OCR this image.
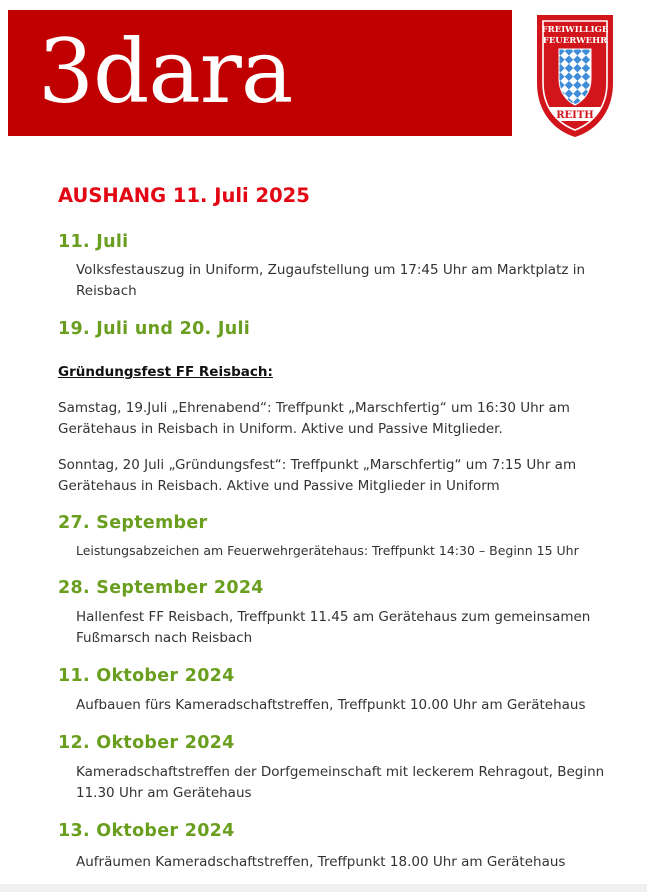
3dara	FREIWILLIGE
FEUERWEHR
REITH
AUSHANG 11. Juli 2025
11. Juli
Volksfestauszug in Uniform, Zugaufstellung um 17:45 Uhr am Marktplatz in Reisbach
19. Juli und 20. Juli
Gründungsfest FF Reisbach:

Samstag, 19.Juli „Ehrenabend“: Treffpunkt „Marschfertig“ um 16:30 Uhr am Gerätehaus in Reisbach in Uniform. Aktive und Passive Mitglieder.

Sonntag, 20 Juli „Gründungsfest“: Treffpunkt „Marschfertig“ um 7:15 Uhr am Gerätehaus in Reisbach. Aktive und Passive Mitglieder in Uniform

27. September
Leistungsabzeichen am Feuerwehrgerätehaus: Treffpunkt 14:30 – Beginn 15 Uhr
28. September 2024
Hallenfest FF Reisbach, Treffpunkt 11.45 am Gerätehaus zum gemeinsamen Fußmarsch nach Reisbach
11. Oktober 2024
Aufbauen fürs Kameradschaftstreffen, Treffpunkt 10.00 Uhr am Gerätehaus
12. Oktober 2024
Kameradschaftstreffen der Dorfgemeinschaft mit leckerem Rehragout, Beginn 11.30 Uhr am Gerätehaus
13. Oktober 2024
Aufräumen Kameradschaftstreffen, Treffpunkt 18.00 Uhr am Gerätehaus
